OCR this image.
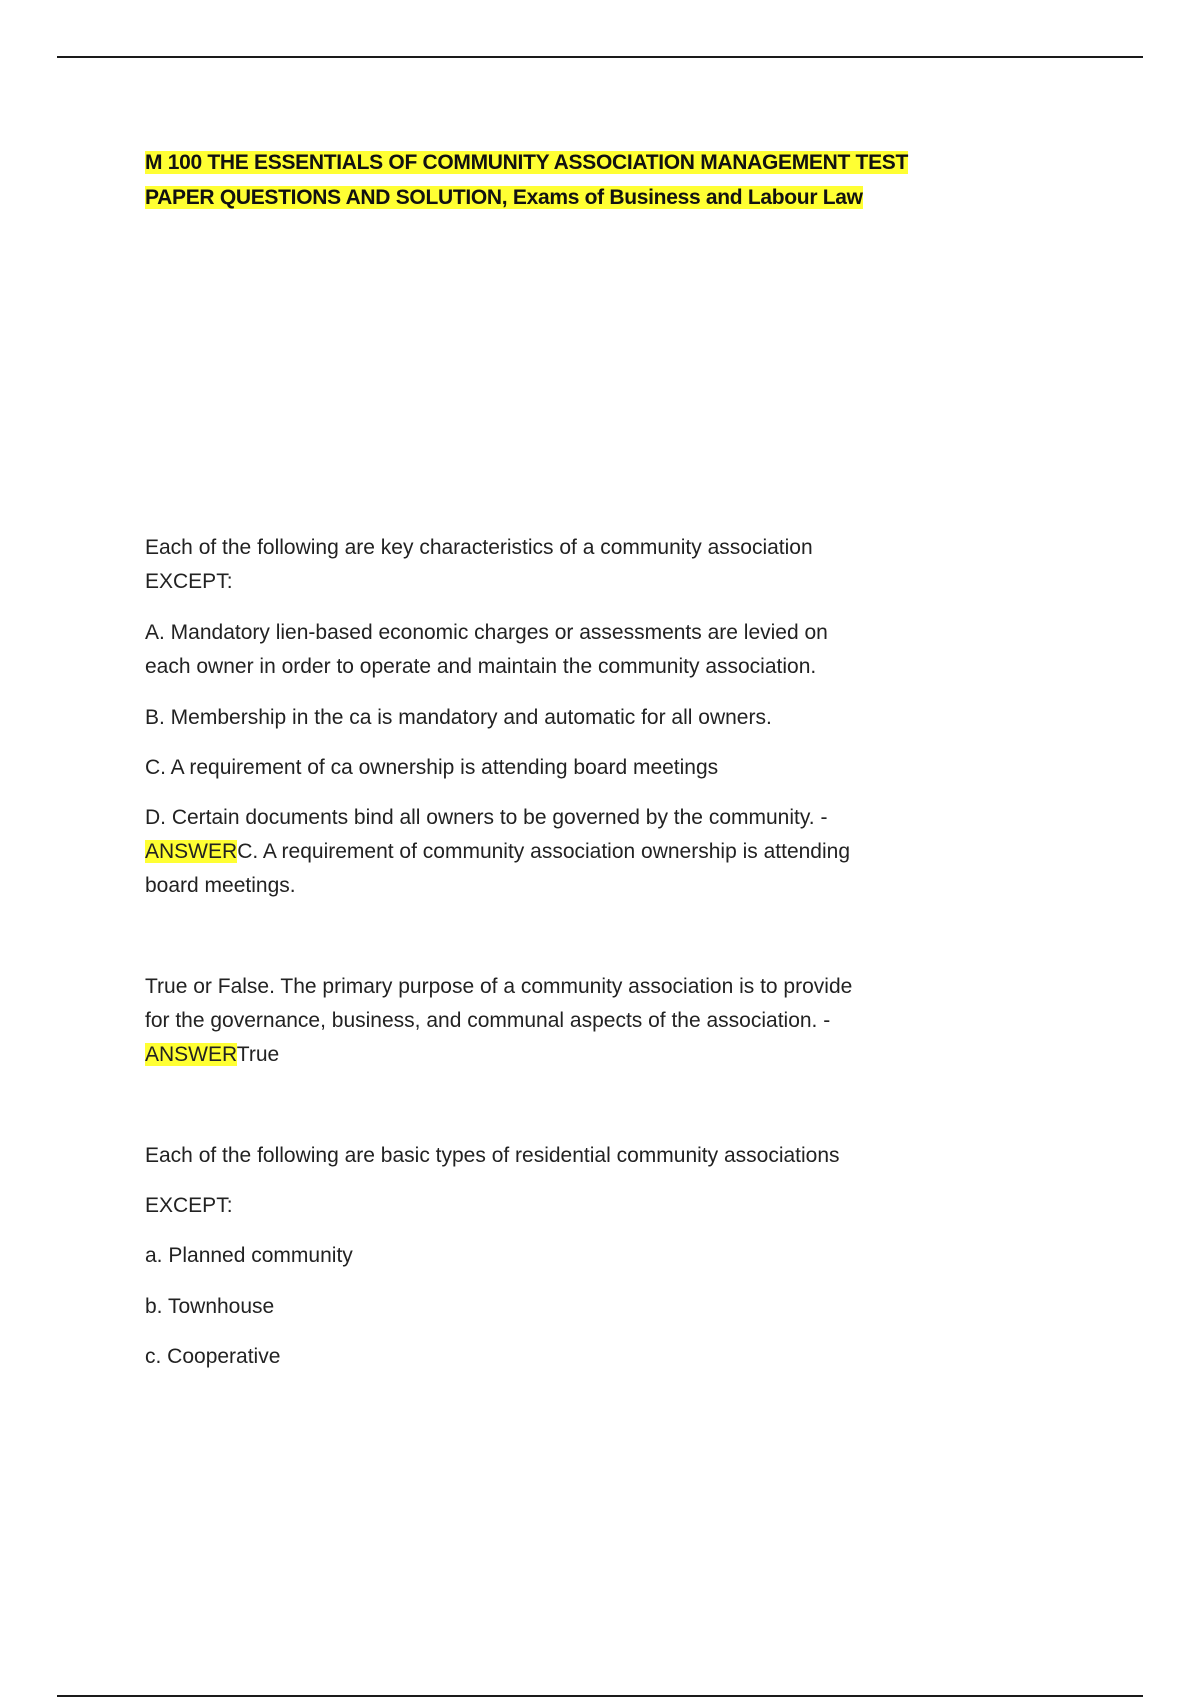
M 100 THE ESSENTIALS OF COMMUNITY ASSOCIATION MANAGEMENT TEST
PAPER QUESTIONS AND SOLUTION, Exams of Business and Labour Law

Each of the following are key characteristics of a community association

EXCEPT:

A. Mandatory lien-based economic charges or assessments are levied on

each owner in order to operate and maintain the community association.

B. Membership in the ca is mandatory and automatic for all owners.

C. A requirement of ca ownership is attending board meetings

D. Certain documents bind all owners to be governed by the community. -

ANSWERC. A requirement of community association ownership is attending

board meetings.

True or False. The primary purpose of a community association is to provide

for the governance, business, and communal aspects of the association. -

ANSWERTrue

Each of the following are basic types of residential community associations

EXCEPT:

a. Planned community

b. Townhouse

c. Cooperative
